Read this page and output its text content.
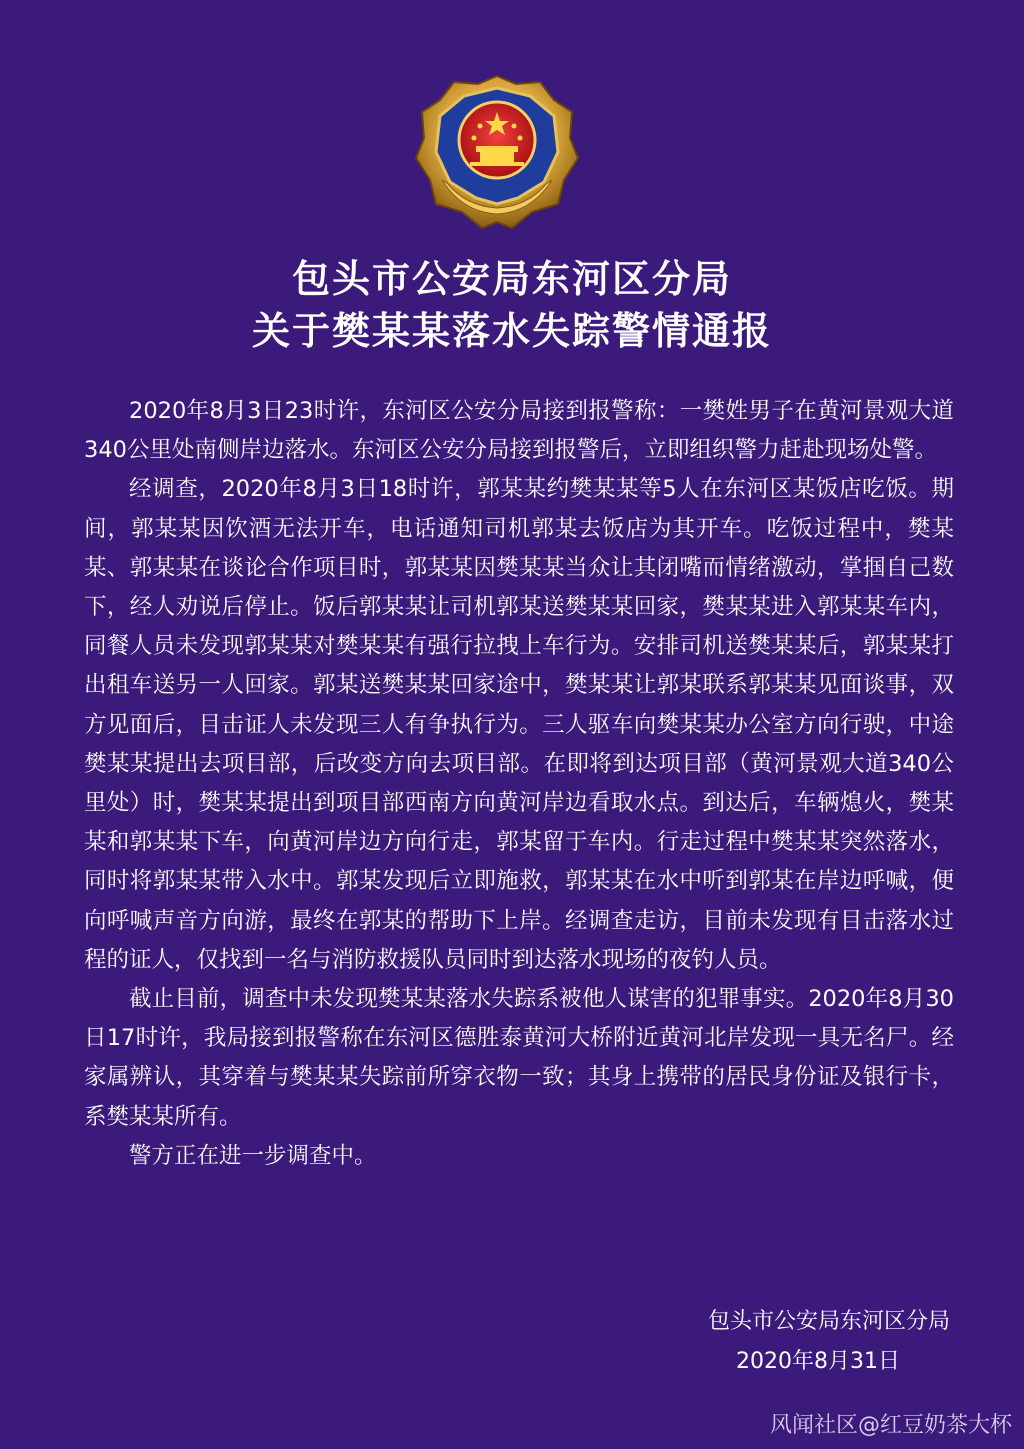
包头市公安局东河区分局
关于樊某某落水失踪警情通报

2020年8月3日23时许，东河区公安分局接到报警称：一樊姓男子在黄河景观大道340公里处南侧岸边落水。东河区公安分局接到报警后，立即组织警力赶赴现场处警。

经调查，2020年8月3日18时许，郭某某约樊某某等5人在东河区某饭店吃饭。期间，郭某某因饮酒无法开车，电话通知司机郭某去饭店为其开车。吃饭过程中，樊某某、郭某某在谈论合作项目时，郭某某因樊某某当众让其闭嘴而情绪激动，掌掴自己数下，经人劝说后停止。饭后郭某某让司机郭某送樊某某回家，樊某某进入郭某某车内，同餐人员未发现郭某某对樊某某有强行拉拽上车行为。安排司机送樊某某后，郭某某打出租车送另一人回家。郭某送樊某某回家途中，樊某某让郭某联系郭某某见面谈事，双方见面后，目击证人未发现三人有争执行为。三人驱车向樊某某办公室方向行驶，中途樊某某提出去项目部，后改变方向去项目部。在即将到达项目部（黄河景观大道340公里处）时，樊某某提出到项目部西南方向黄河岸边看取水点。到达后，车辆熄火，樊某某和郭某某下车，向黄河岸边方向行走，郭某留于车内。行走过程中樊某某突然落水，同时将郭某某带入水中。郭某发现后立即施救，郭某某在水中听到郭某在岸边呼喊，便向呼喊声音方向游，最终在郭某的帮助下上岸。经调查走访，目前未发现有目击落水过程的证人，仅找到一名与消防救援队员同时到达落水现场的夜钓人员。

截止目前，调查中未发现樊某某落水失踪系被他人谋害的犯罪事实。2020年8月30日17时许，我局接到报警称在东河区德胜泰黄河大桥附近黄河北岸发现一具无名尸。经家属辨认，其穿着与樊某某失踪前所穿衣物一致；其身上携带的居民身份证及银行卡，系樊某某所有。

警方正在进一步调查中。

包头市公安局东河区分局
2020年8月31日
风闻社区@红豆奶茶大杯
